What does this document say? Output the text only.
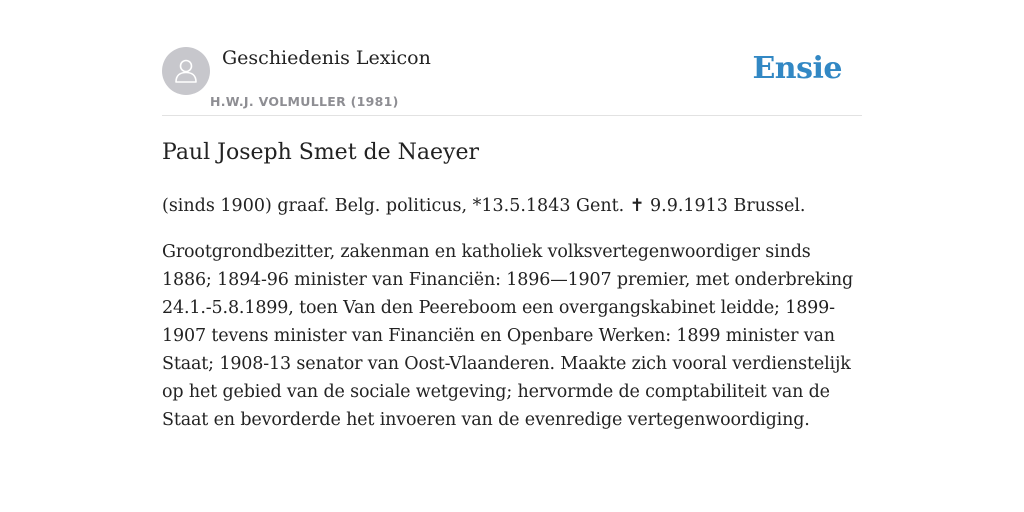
Geschiedenis Lexicon
H.W.J. VOLMULLER (1981)
Ensie
Paul Joseph Smet de Naeyer

(sinds 1900) graaf. Belg. politicus, *13.5.1843 Gent. ✝ 9.9.1913 Brussel.

Grootgrondbezitter, zakenman en katholiek volksvertegenwoordiger sinds 1886; 1894-96 minister van Financiën: 1896—1907 premier, met onderbreking 24.1.-5.8.1899, toen Van den Peereboom een overgangskabinet leidde; 1899-1907 tevens minister van Financiën en Openbare Werken: 1899 minister van Staat; 1908-13 senator van Oost-Vlaanderen. Maakte zich vooral verdienstelijk op het gebied van de sociale wetgeving; hervormde de comptabiliteit van de Staat en bevorderde het invoeren van de evenredige vertegenwoordiging.
